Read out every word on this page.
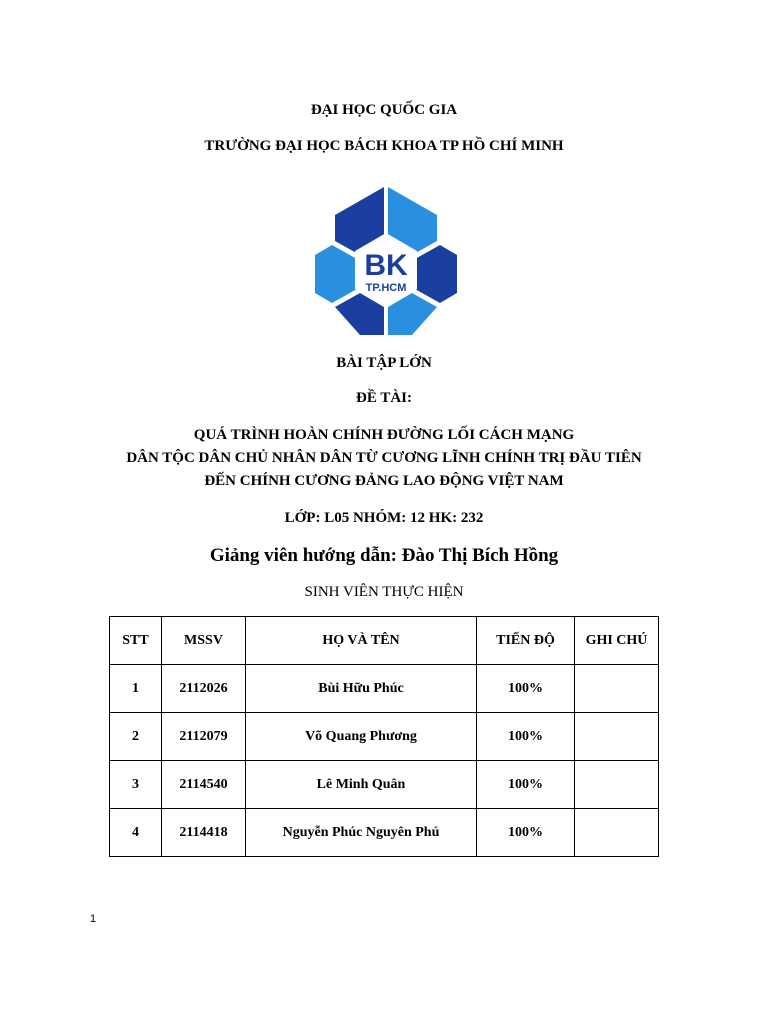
ĐẠI HỌC QUỐC GIA
TRƯỜNG ĐẠI HỌC BÁCH KHOA TP HỒ CHÍ MINH
BK
TP.HCM
BÀI TẬP LỚN
ĐỀ TÀI:
QUÁ TRÌNH HOÀN CHÍNH ĐƯỜNG LỐI CÁCH MẠNG
DÂN TỘC DÂN CHỦ NHÂN DÂN TỪ CƯƠNG LĨNH CHÍNH TRỊ ĐẦU TIÊN
ĐẾN CHÍNH CƯƠNG ĐẢNG LAO ĐỘNG VIỆT NAM
LỚP: L05 NHÓM: 12 HK: 232
Giảng viên hướng dẫn: Đào Thị Bích Hồng
SINH VIÊN THỰC HIỆN
STT	MSSV	HỌ VÀ TÊN	TIẾN ĐỘ	GHI CHÚ
1	2112026	Bùi Hữu Phúc	100%	
2	2112079	Võ Quang Phương	100%	
3	2114540	Lê Minh Quân	100%	
4	2114418	Nguyễn Phúc Nguyên Phú	100%	
1
